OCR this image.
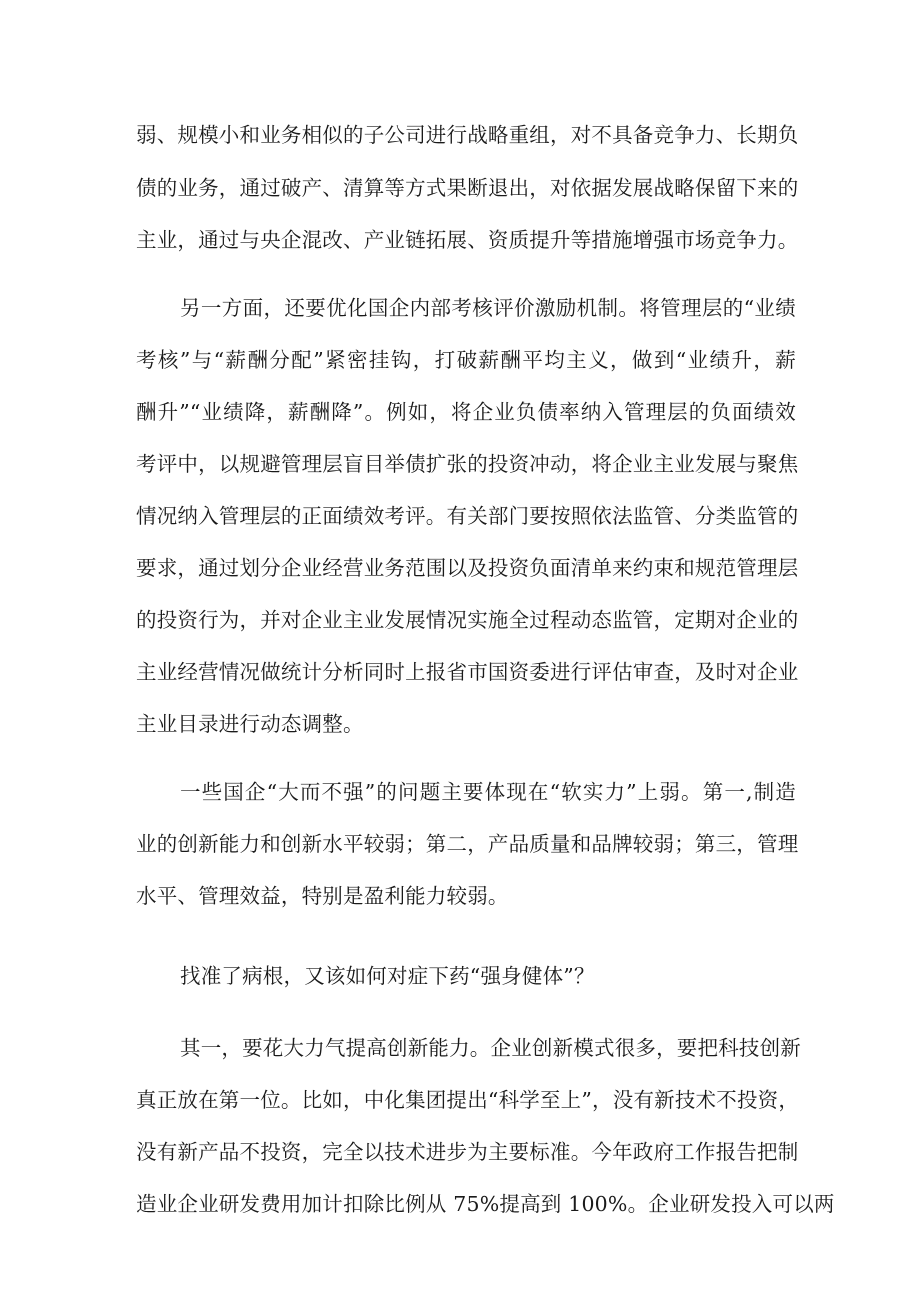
弱、规模小和业务相似的子公司进行战略重组，对不具备竞争力、长期负
债的业务，通过破产、清算等方式果断退出，对依据发展战略保留下来的
主业，通过与央企混改、产业链拓展、资质提升等措施增强市场竞争力。
另一方面，还要优化国企内部考核评价激励机制。将管理层的“业绩
考核”与“薪酬分配”紧密挂钩，打破薪酬平均主义，做到“业绩升，薪
酬升”“业绩降，薪酬降”。例如，将企业负债率纳入管理层的负面绩效
考评中，以规避管理层盲目举债扩张的投资冲动，将企业主业发展与聚焦
情况纳入管理层的正面绩效考评。有关部门要按照依法监管、分类监管的
要求，通过划分企业经营业务范围以及投资负面清单来约束和规范管理层
的投资行为，并对企业主业发展情况实施全过程动态监管，定期对企业的
主业经营情况做统计分析同时上报省市国资委进行评估审查，及时对企业
主业目录进行动态调整。
一些国企“大而不强”的问题主要体现在“软实力”上弱。第一,制造
业的创新能力和创新水平较弱；第二，产品质量和品牌较弱；第三，管理
水平、管理效益，特别是盈利能力较弱。
找准了病根，又该如何对症下药“强身健体”？
其一，要花大力气提高创新能力。企业创新模式很多，要把科技创新
真正放在第一位。比如，中化集团提出“科学至上”，没有新技术不投资，
没有新产品不投资，完全以技术进步为主要标准。今年政府工作报告把制
造业企业研发费用加计扣除比例从 75%提高到 100%。企业研发投入可以两
